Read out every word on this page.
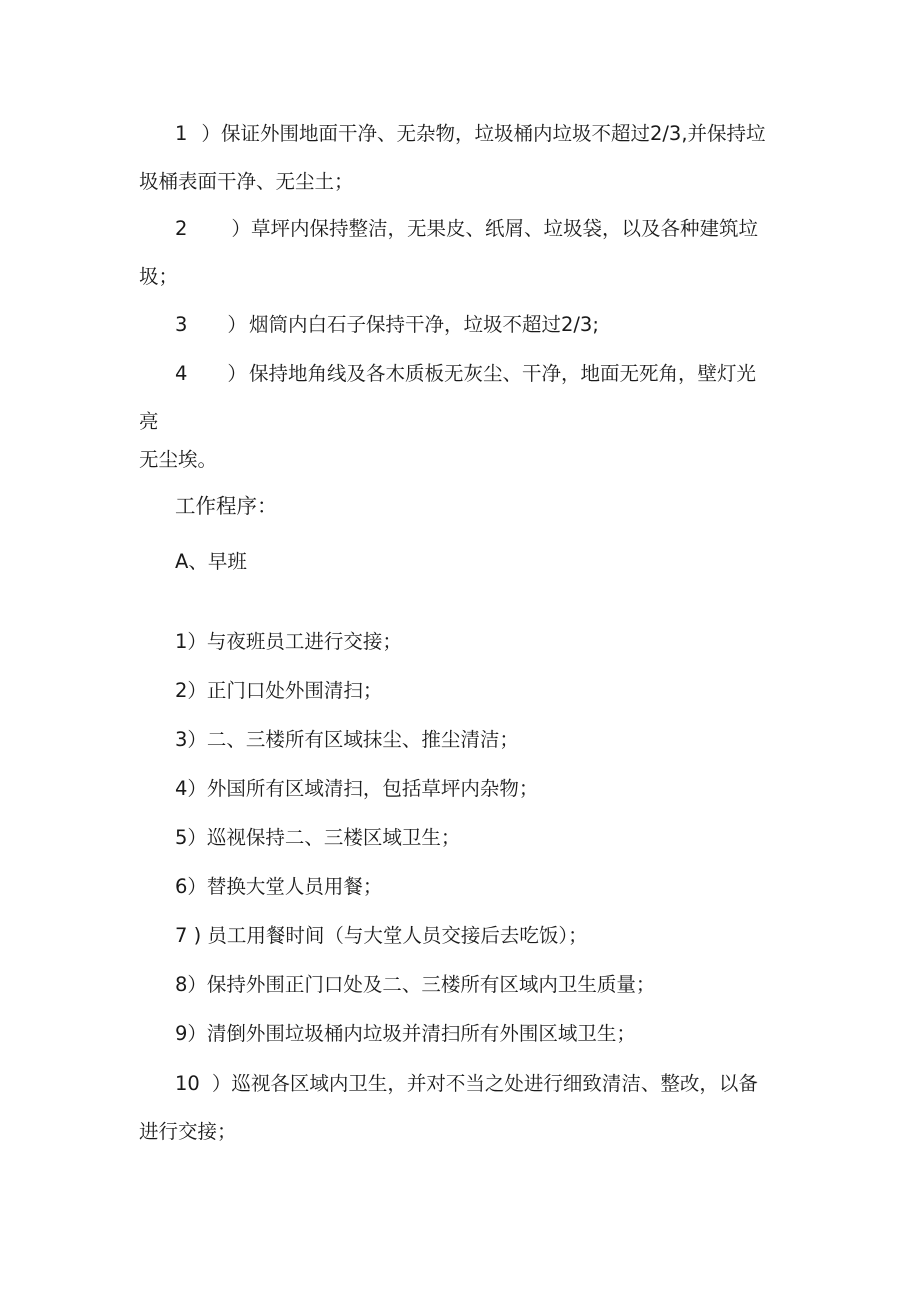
1 ）保证外围地面干净、无杂物，垃圾桶内垃圾不超过2/3,并保持垃
圾桶表面干净、无尘土；
2 ）草坪内保持整洁，无果皮、纸屑、垃圾袋，以及各种建筑垃
圾；
3 ） 烟筒内白石子保持干净，垃圾不超过2/3;
4 ） 保持地角线及各木质板无灰尘、干净，地面无死角，壁灯光
亮
无尘埃。
工作程序：
A、早班
1）与夜班员工进行交接；
2）正门口处外围清扫；
3）二、三楼所有区域抹尘、推尘清洁；
4）外国所有区域清扫，包括草坪内杂物；
5）巡视保持二、三楼区域卫生；
6）替换大堂人员用餐；
7 ) 员工用餐时间（与大堂人员交接后去吃饭）；
8）保持外围正门口处及二、三楼所有区域内卫生质量；
9）清倒外围垃圾桶内垃圾并清扫所有外围区域卫生；
10 ）巡视各区域内卫生，并对不当之处进行细致清洁、整改，以备
进行交接；
